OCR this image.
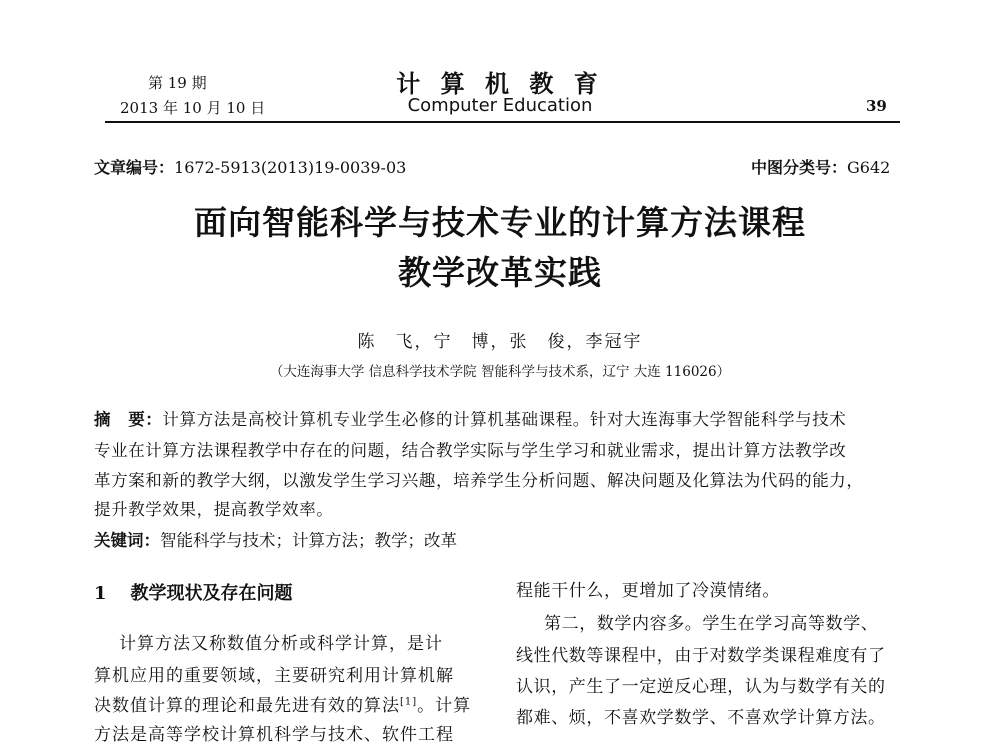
第 19 期
2013 年 10 月 10 日
计 算 机 教 育
Computer Education	39
文章编号：1672-5913(2013)19-0039-03	中图分类号：G642
面向智能科学与技术专业的计算方法课程
教学改革实践
陈　飞，宁　博，张　俊，李冠宇
（大连海事大学 信息科学技术学院 智能科学与技术系，辽宁 大连 116026）
摘　要：计算方法是高校计算机专业学生必修的计算机基础课程。针对大连海事大学智能科学与技术
专业在计算方法课程教学中存在的问题，结合教学实际与学生学习和就业需求，提出计算方法教学改
革方案和新的教学大纲，以激发学生学习兴趣，培养学生分析问题、解决问题及化算法为代码的能力，
提升教学效果，提高教学效率。
关键词：智能科学与技术；计算方法；教学；改革
1 教学现状及存在问题
计算方法又称数值分析或科学计算，是计
算机应用的重要领域，主要研究利用计算机解
决数值计算的理论和最先进有效的算法[1]。计算
方法是高等学校计算机科学与技术、软件工程
程能干什么，更增加了冷漠情绪。
第二，数学内容多。学生在学习高等数学、
线性代数等课程中，由于对数学类课程难度有了
认识，产生了一定逆反心理，认为与数学有关的
都难、烦，不喜欢学数学、不喜欢学计算方法。
